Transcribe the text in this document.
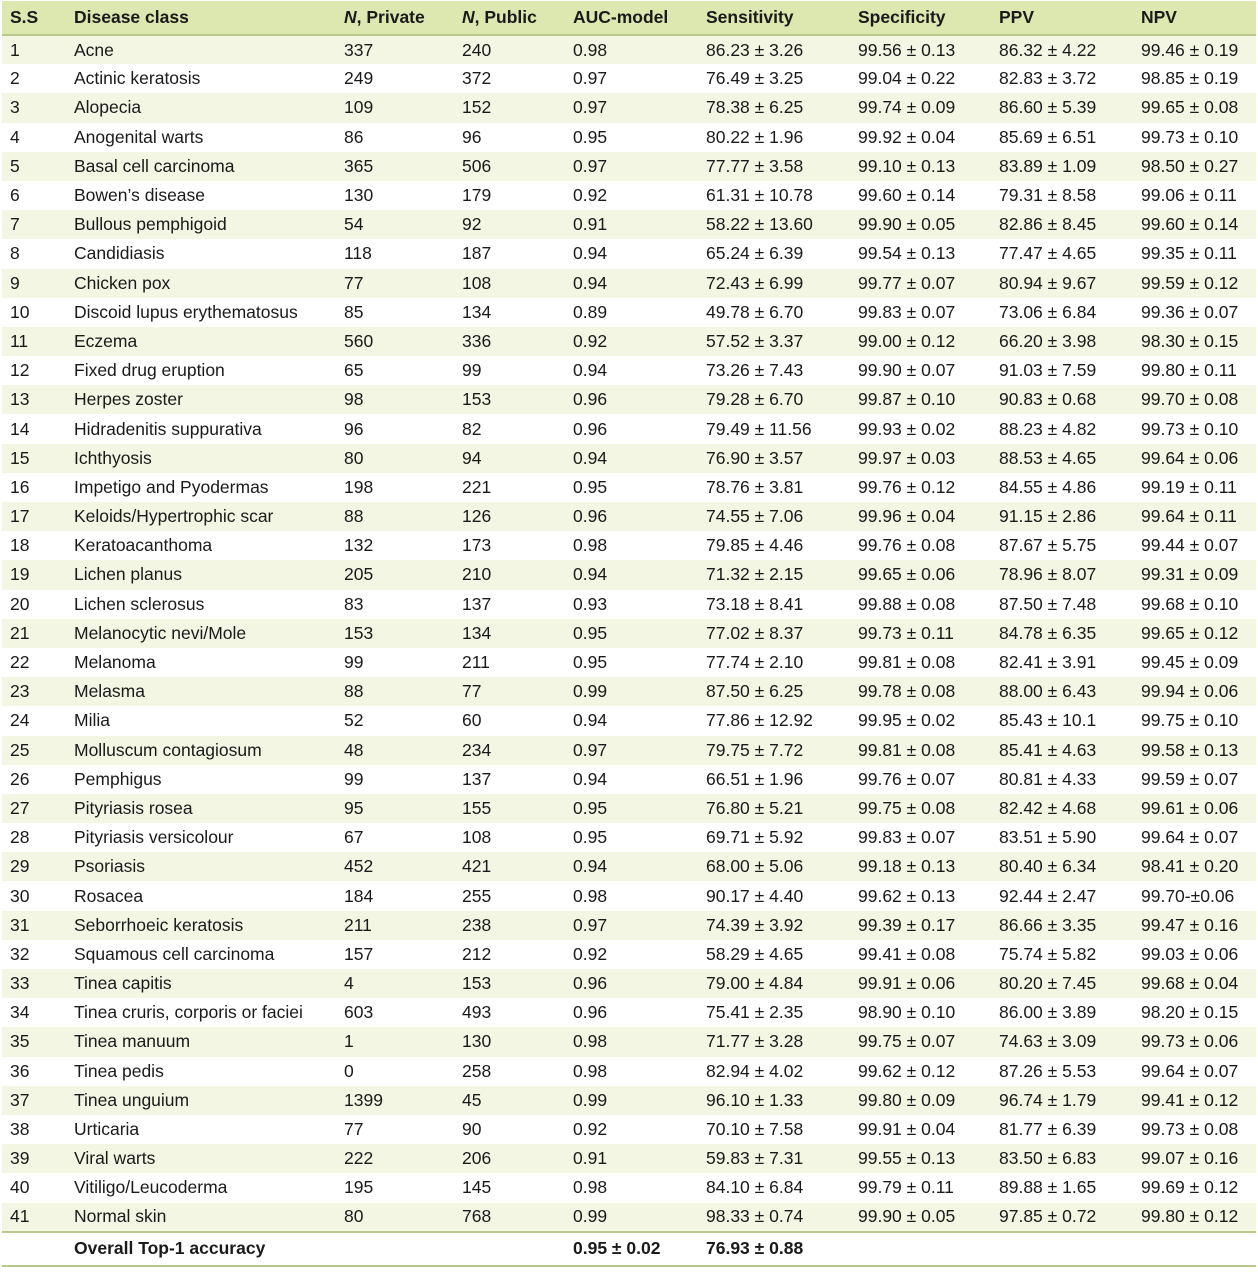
S.S	Disease class	N, Private	N, Public	AUC-model	Sensitivity	Specificity	PPV	NPV
1	Acne	337	240	0.98	86.23 ± 3.26	99.56 ± 0.13	86.32 ± 4.22	99.46 ± 0.19
2	Actinic keratosis	249	372	0.97	76.49 ± 3.25	99.04 ± 0.22	82.83 ± 3.72	98.85 ± 0.19
3	Alopecia	109	152	0.97	78.38 ± 6.25	99.74 ± 0.09	86.60 ± 5.39	99.65 ± 0.08
4	Anogenital warts	86	96	0.95	80.22 ± 1.96	99.92 ± 0.04	85.69 ± 6.51	99.73 ± 0.10
5	Basal cell carcinoma	365	506	0.97	77.77 ± 3.58	99.10 ± 0.13	83.89 ± 1.09	98.50 ± 0.27
6	Bowen’s disease	130	179	0.92	61.31 ± 10.78	99.60 ± 0.14	79.31 ± 8.58	99.06 ± 0.11
7	Bullous pemphigoid	54	92	0.91	58.22 ± 13.60	99.90 ± 0.05	82.86 ± 8.45	99.60 ± 0.14
8	Candidiasis	118	187	0.94	65.24 ± 6.39	99.54 ± 0.13	77.47 ± 4.65	99.35 ± 0.11
9	Chicken pox	77	108	0.94	72.43 ± 6.99	99.77 ± 0.07	80.94 ± 9.67	99.59 ± 0.12
10	Discoid lupus erythematosus	85	134	0.89	49.78 ± 6.70	99.83 ± 0.07	73.06 ± 6.84	99.36 ± 0.07
11	Eczema	560	336	0.92	57.52 ± 3.37	99.00 ± 0.12	66.20 ± 3.98	98.30 ± 0.15
12	Fixed drug eruption	65	99	0.94	73.26 ± 7.43	99.90 ± 0.07	91.03 ± 7.59	99.80 ± 0.11
13	Herpes zoster	98	153	0.96	79.28 ± 6.70	99.87 ± 0.10	90.83 ± 0.68	99.70 ± 0.08
14	Hidradenitis suppurativa	96	82	0.96	79.49 ± 11.56	99.93 ± 0.02	88.23 ± 4.82	99.73 ± 0.10
15	Ichthyosis	80	94	0.94	76.90 ± 3.57	99.97 ± 0.03	88.53 ± 4.65	99.64 ± 0.06
16	Impetigo and Pyodermas	198	221	0.95	78.76 ± 3.81	99.76 ± 0.12	84.55 ± 4.86	99.19 ± 0.11
17	Keloids/Hypertrophic scar	88	126	0.96	74.55 ± 7.06	99.96 ± 0.04	91.15 ± 2.86	99.64 ± 0.11
18	Keratoacanthoma	132	173	0.98	79.85 ± 4.46	99.76 ± 0.08	87.67 ± 5.75	99.44 ± 0.07
19	Lichen planus	205	210	0.94	71.32 ± 2.15	99.65 ± 0.06	78.96 ± 8.07	99.31 ± 0.09
20	Lichen sclerosus	83	137	0.93	73.18 ± 8.41	99.88 ± 0.08	87.50 ± 7.48	99.68 ± 0.10
21	Melanocytic nevi/Mole	153	134	0.95	77.02 ± 8.37	99.73 ± 0.11	84.78 ± 6.35	99.65 ± 0.12
22	Melanoma	99	211	0.95	77.74 ± 2.10	99.81 ± 0.08	82.41 ± 3.91	99.45 ± 0.09
23	Melasma	88	77	0.99	87.50 ± 6.25	99.78 ± 0.08	88.00 ± 6.43	99.94 ± 0.06
24	Milia	52	60	0.94	77.86 ± 12.92	99.95 ± 0.02	85.43 ± 10.1	99.75 ± 0.10
25	Molluscum contagiosum	48	234	0.97	79.75 ± 7.72	99.81 ± 0.08	85.41 ± 4.63	99.58 ± 0.13
26	Pemphigus	99	137	0.94	66.51 ± 1.96	99.76 ± 0.07	80.81 ± 4.33	99.59 ± 0.07
27	Pityriasis rosea	95	155	0.95	76.80 ± 5.21	99.75 ± 0.08	82.42 ± 4.68	99.61 ± 0.06
28	Pityriasis versicolour	67	108	0.95	69.71 ± 5.92	99.83 ± 0.07	83.51 ± 5.90	99.64 ± 0.07
29	Psoriasis	452	421	0.94	68.00 ± 5.06	99.18 ± 0.13	80.40 ± 6.34	98.41 ± 0.20
30	Rosacea	184	255	0.98	90.17 ± 4.40	99.62 ± 0.13	92.44 ± 2.47	99.70-±0.06
31	Seborrhoeic keratosis	211	238	0.97	74.39 ± 3.92	99.39 ± 0.17	86.66 ± 3.35	99.47 ± 0.16
32	Squamous cell carcinoma	157	212	0.92	58.29 ± 4.65	99.41 ± 0.08	75.74 ± 5.82	99.03 ± 0.06
33	Tinea capitis	4	153	0.96	79.00 ± 4.84	99.91 ± 0.06	80.20 ± 7.45	99.68 ± 0.04
34	Tinea cruris, corporis or faciei	603	493	0.96	75.41 ± 2.35	98.90 ± 0.10	86.00 ± 3.89	98.20 ± 0.15
35	Tinea manuum	1	130	0.98	71.77 ± 3.28	99.75 ± 0.07	74.63 ± 3.09	99.73 ± 0.06
36	Tinea pedis	0	258	0.98	82.94 ± 4.02	99.62 ± 0.12	87.26 ± 5.53	99.64 ± 0.07
37	Tinea unguium	1399	45	0.99	96.10 ± 1.33	99.80 ± 0.09	96.74 ± 1.79	99.41 ± 0.12
38	Urticaria	77	90	0.92	70.10 ± 7.58	99.91 ± 0.04	81.77 ± 6.39	99.73 ± 0.08
39	Viral warts	222	206	0.91	59.83 ± 7.31	99.55 ± 0.13	83.50 ± 6.83	99.07 ± 0.16
40	Vitiligo/Leucoderma	195	145	0.98	84.10 ± 6.84	99.79 ± 0.11	89.88 ± 1.65	99.69 ± 0.12
41	Normal skin	80	768	0.99	98.33 ± 0.74	99.90 ± 0.05	97.85 ± 0.72	99.80 ± 0.12
	Overall Top-1 accuracy			0.95 ± 0.02	76.93 ± 0.88			
